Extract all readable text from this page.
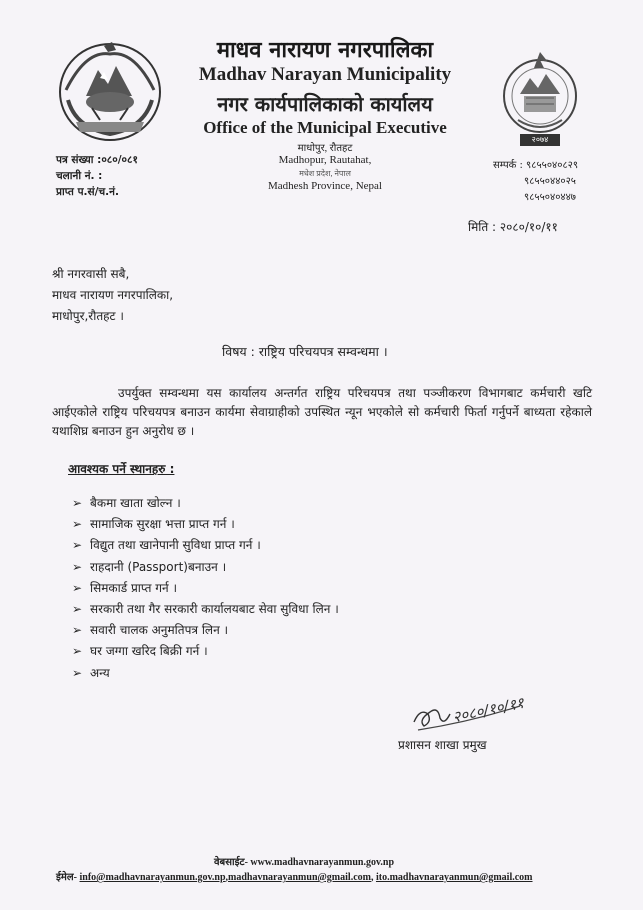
२०७४
माधव नारायण नगरपालिका
Madhav Narayan Municipality
नगर कार्यपालिकाको कार्यालय
Office of the Municipal Executive
माधोपुर, रौतहट
Madhopur, Rautahat,
मधेश प्रदेश, नेपाल
Madhesh Province, Nepal
पत्र संख्या :०८०/०८१
चलानी नं. :
प्राप्त प.सं/च.नं.
सम्पर्क : ९८५५०४०८२९
९८५५०४४०२५
९८५५०४०४४७
मिति : २०८०/१०/११
श्री नगरवासी सबै,
माधव नारायण नगरपालिका,
माधोपुर,रौतहट ।
विषय : राष्ट्रिय परिचयपत्र सम्वन्धमा ।
उपर्युक्त सम्वन्धमा यस कार्यालय अन्तर्गत राष्ट्रिय परिचयपत्र तथा पञ्जीकरण विभागबाट कर्मचारी खटि आईएकोले राष्ट्रिय परिचयपत्र बनाउन कार्यमा सेवाग्राहीको उपस्थित न्यून भएकोले सो कर्मचारी फिर्ता गर्नुपर्ने बाध्यता रहेकाले यथाशिघ्र बनाउन हुन अनुरोध छ ।
आवश्यक पर्ने स्थानहरु :
➢ बैकमा खाता खोल्न ।
➢ सामाजिक सुरक्षा भत्ता प्राप्त गर्न ।
➢ विद्युत तथा खानेपानी सुविधा प्राप्त गर्न ।
➢ राहदानी (Passport)बनाउन ।
➢ सिमकार्ड प्राप्त गर्न ।
➢ सरकारी तथा गैर सरकारी कार्यालयबाट सेवा सुविधा लिन ।
➢ सवारी चालक अनुमतिपत्र लिन ।
➢ घर जग्गा खरिद बिक्री गर्न ।
➢ अन्य
२०८०/१०/११
प्रशासन शाखा प्रमुख
वेबसाईट- www.madhavnarayanmun.gov.np
ईमेल- info@madhavnarayanmun.gov.np,madhavnarayanmun@gmail.com, ito.madhavnarayanmun@gmail.com
